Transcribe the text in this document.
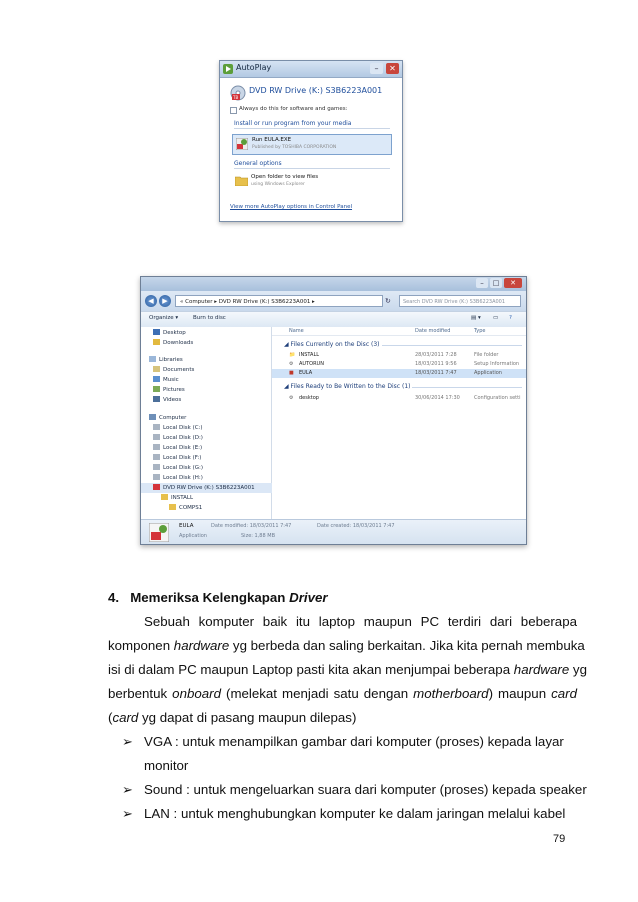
AutoPlay	–	✕
TB
DVD RW Drive (K:) S3B6223A001
Always do this for software and games:
Install or run program from your media
Run EULA.EXE
Published by TOSHIBA CORPORATION
General options
Open folder to view files
using Windows Explorer
View more AutoPlay options in Control Panel
–	□	✕
◀	▶	« Computer ▸ DVD RW Drive (K:) S3B6223A001 ▸	↻	Search DVD RW Drive (K:) S3B6223A001
Organize ▾	Burn to disc	▤ ▾ ▭ ?
Desktop
Downloads
Libraries
Documents
Music
Pictures
Videos
Computer
Local Disk (C:)
Local Disk (D:)
Local Disk (E:)
Local Disk (F:)
Local Disk (G:)
Local Disk (H:)
DVD RW Drive (K:) S3B6223A001
INSTALL
COMPS1
Name	Date modified	Type
◢ Files Currently on the Disc (3)
📁 INSTALL	28/03/2011 7:28	File folder
⚙ AUTORUN	18/03/2011 9:56	Setup Information
■ EULA	18/03/2011 7:47	Application
◢ Files Ready to Be Written to the Disc (1)
⚙ desktop	30/06/2014 17:30	Configuration setti
EULA
Application
Date modified: 18/03/2011 7:47
Size: 1,88 MB
Date created: 18/03/2011 7:47
4. Memeriksa Kelengkapan Driver
Sebuah komputer baik itu laptop maupun PC terdiri dari beberapa
komponen hardware yg berbeda dan saling berkaitan. Jika kita pernah membuka
isi di dalam PC maupun Laptop pasti kita akan menjumpai beberapa hardware yg
berbentuk onboard (melekat menjadi satu dengan motherboard) maupun card
(card yg dapat di pasang maupun dilepas)
➢ VGA : untuk menampilkan gambar dari komputer (proses) kepada layar
monitor
➢ Sound : untuk mengeluarkan suara dari komputer (proses) kepada speaker
➢ LAN : untuk menghubungkan komputer ke dalam jaringan melalui kabel
79
